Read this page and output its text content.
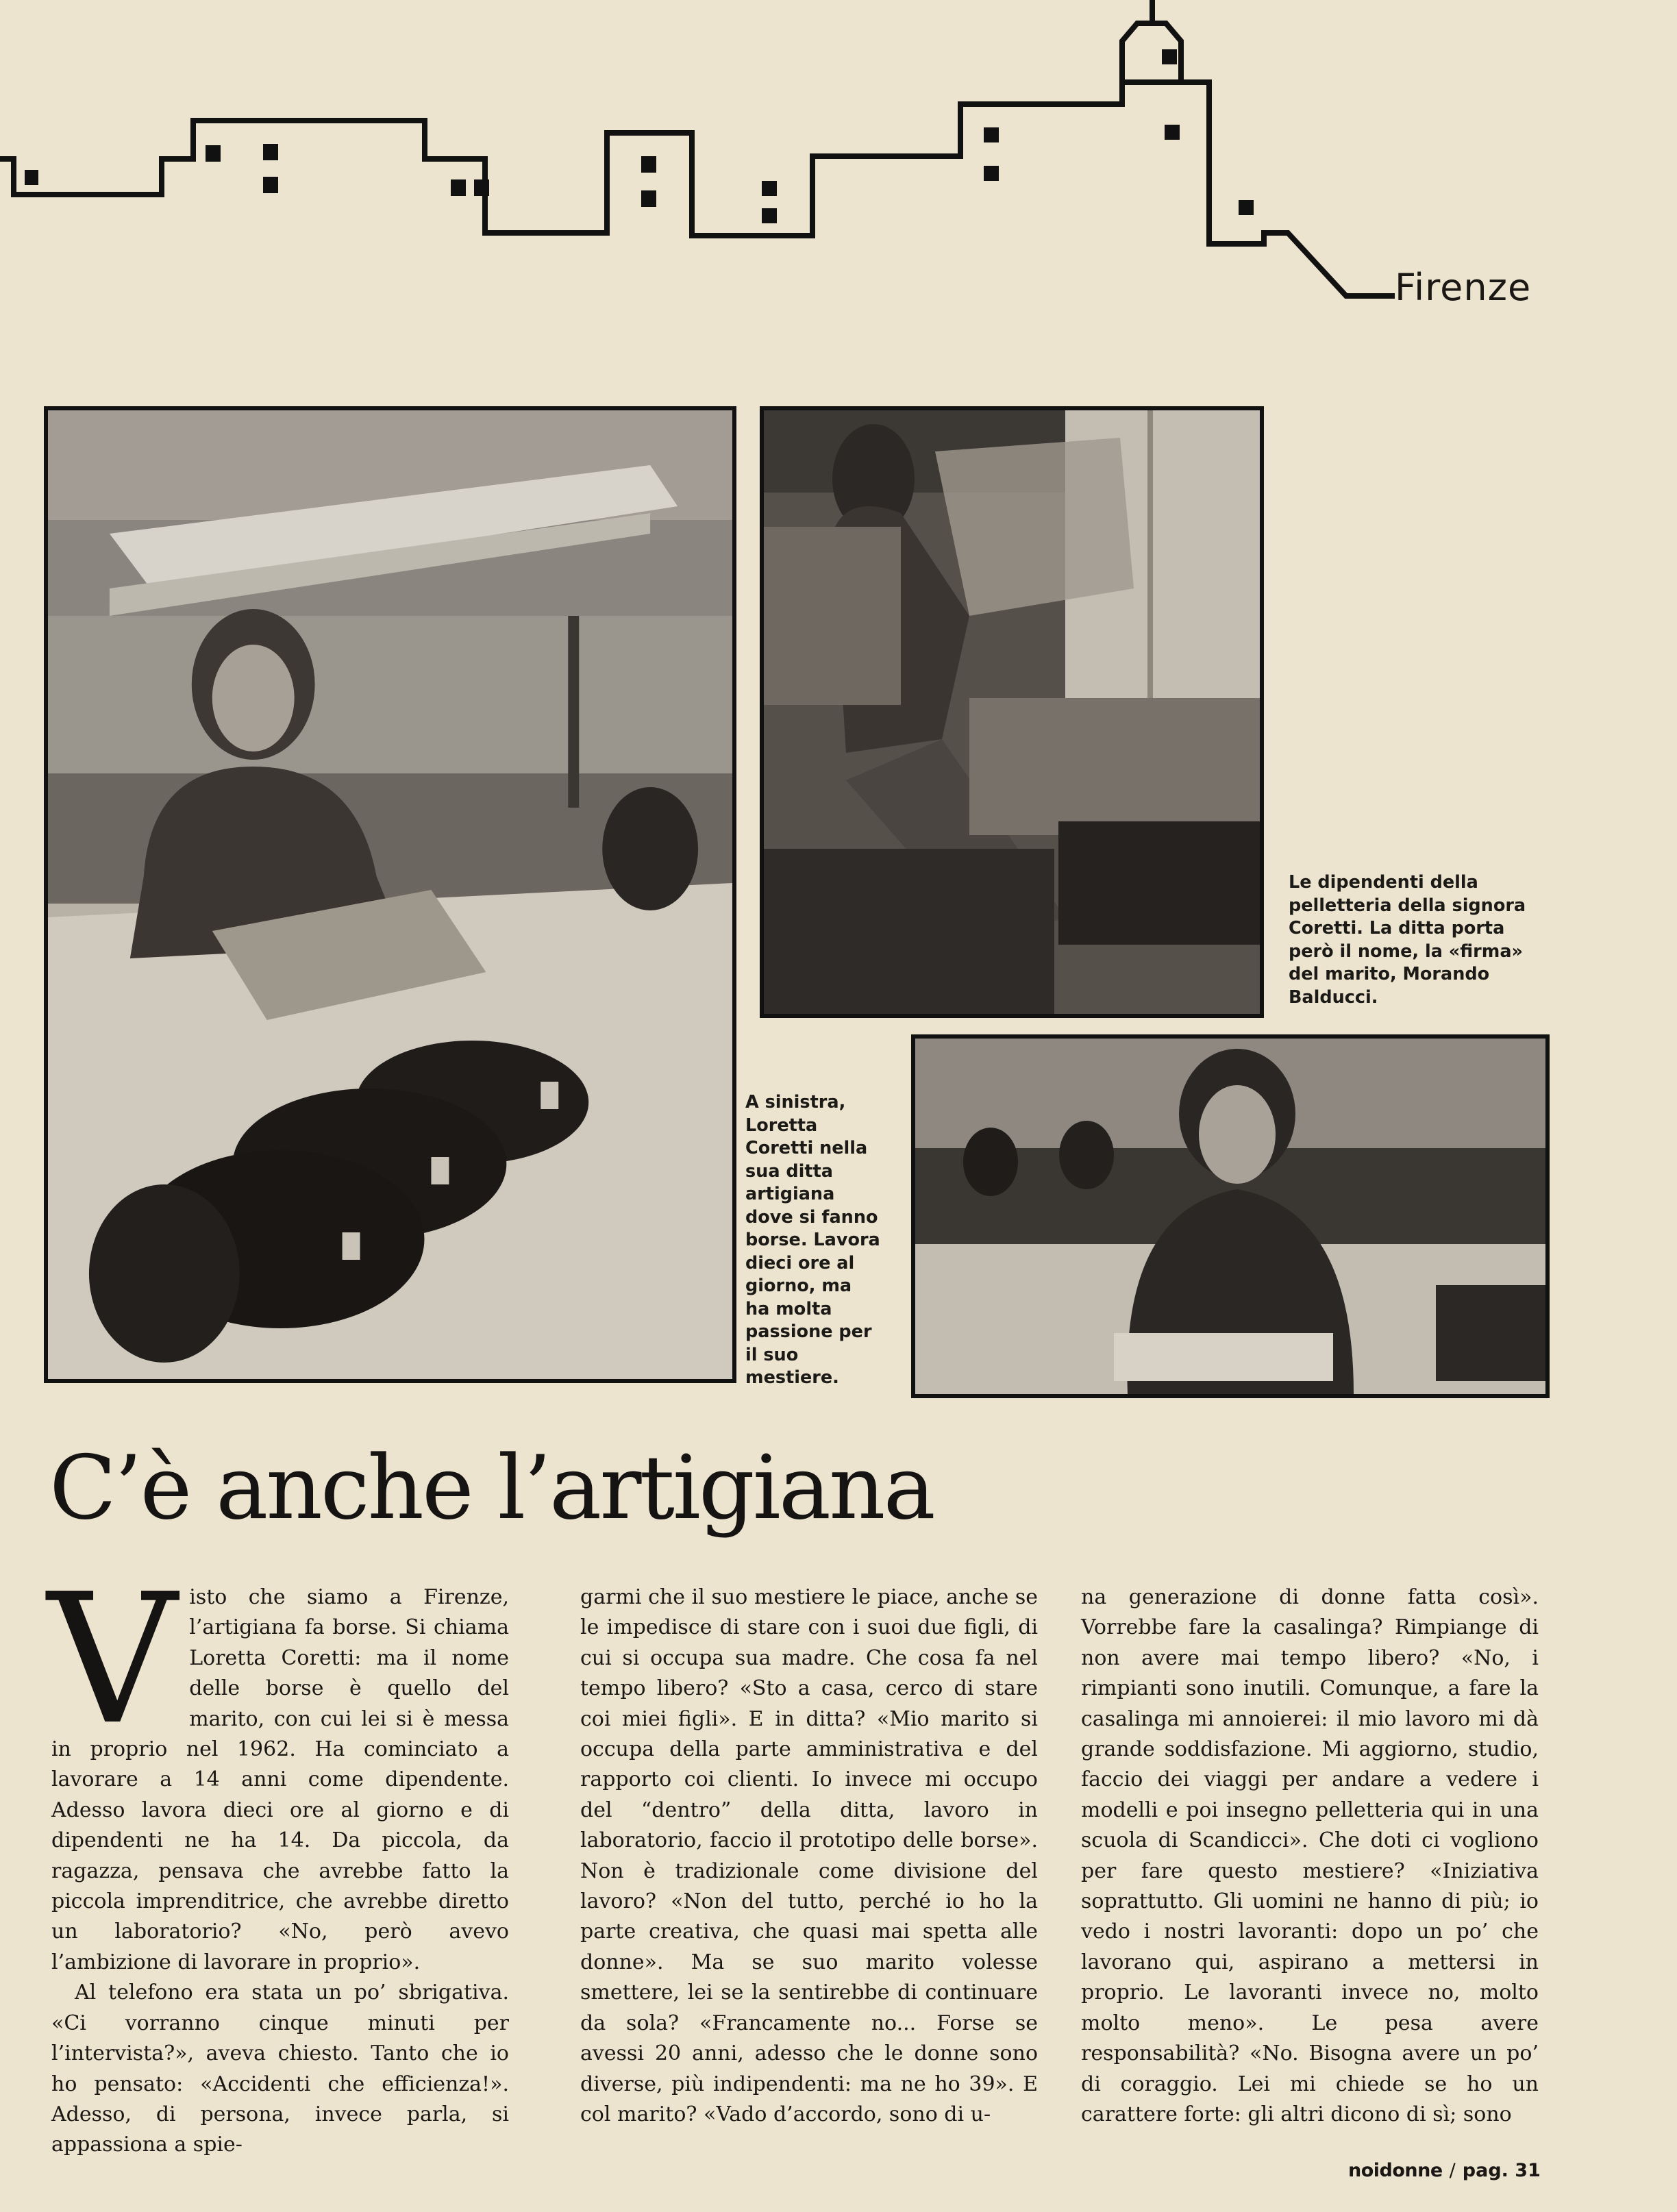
Firenze
Le dipendenti della
pelletteria della signora
Coretti. La ditta porta
però il nome, la «firma»
del marito, Morando
Balducci.
A sinistra,
Loretta
Coretti nella
sua ditta
artigiana
dove si fanno
borse. Lavora
dieci ore al
giorno, ma
ha molta
passione per
il suo
mestiere.
C’è anche l’artigiana

Visto che siamo a Firenze, l’artigiana fa borse. Si chiama Loretta Coretti: ma il nome delle borse è quello del marito, con cui lei si è messa in proprio nel 1962. Ha cominciato a lavorare a 14 anni come dipendente. Adesso lavora dieci ore al giorno e di dipendenti ne ha 14. Da piccola, da ragazza, pensava che avrebbe fatto la piccola imprenditrice, che avrebbe diretto un laboratorio? «No, però avevo l’ambizione di lavorare in proprio».

Al telefono era stata un po’ sbrigativa. «Ci vorranno cinque minuti per l’intervista?», aveva chiesto. Tanto che io ho pensato: «Accidenti che efficienza!». Adesso, di persona, invece parla, si appassiona a spie-

garmi che il suo mestiere le piace, anche se le impedisce di stare con i suoi due figli, di cui si occupa sua madre. Che cosa fa nel tempo libero? «Sto a casa, cerco di stare coi miei figli». E in ditta? «Mio marito si occupa della parte amministrativa e del rapporto coi clienti. Io invece mi occupo del “dentro” della ditta, lavoro in laboratorio, faccio il prototipo delle borse». Non è tradizionale come divisione del lavoro? «Non del tutto, perché io ho la parte creativa, che quasi mai spetta alle donne». Ma se suo marito volesse smettere, lei se la sentirebbe di continuare da sola? «Francamente no... Forse se avessi 20 anni, adesso che le donne sono diverse, più indipendenti: ma ne ho 39». E col marito? «Vado d’accordo, sono di u-

na generazione di donne fatta così». Vorrebbe fare la casalinga? Rimpiange di non avere mai tempo libero? «No, i rimpianti sono inutili. Comunque, a fare la casalinga mi annoierei: il mio lavoro mi dà grande soddisfazione. Mi aggiorno, studio, faccio dei viaggi per andare a vedere i modelli e poi insegno pelletteria qui in una scuola di Scandicci». Che doti ci vogliono per fare questo mestiere? «Iniziativa soprattutto. Gli uomini ne hanno di più; io vedo i nostri lavoranti: dopo un po’ che lavorano qui, aspirano a mettersi in proprio. Le lavoranti invece no, molto molto meno». Le pesa avere responsabilità? «No. Bisogna avere un po’ di coraggio. Lei mi chiede se ho un carattere forte: gli altri dicono di sì; sono

noidonne / pag. 31
